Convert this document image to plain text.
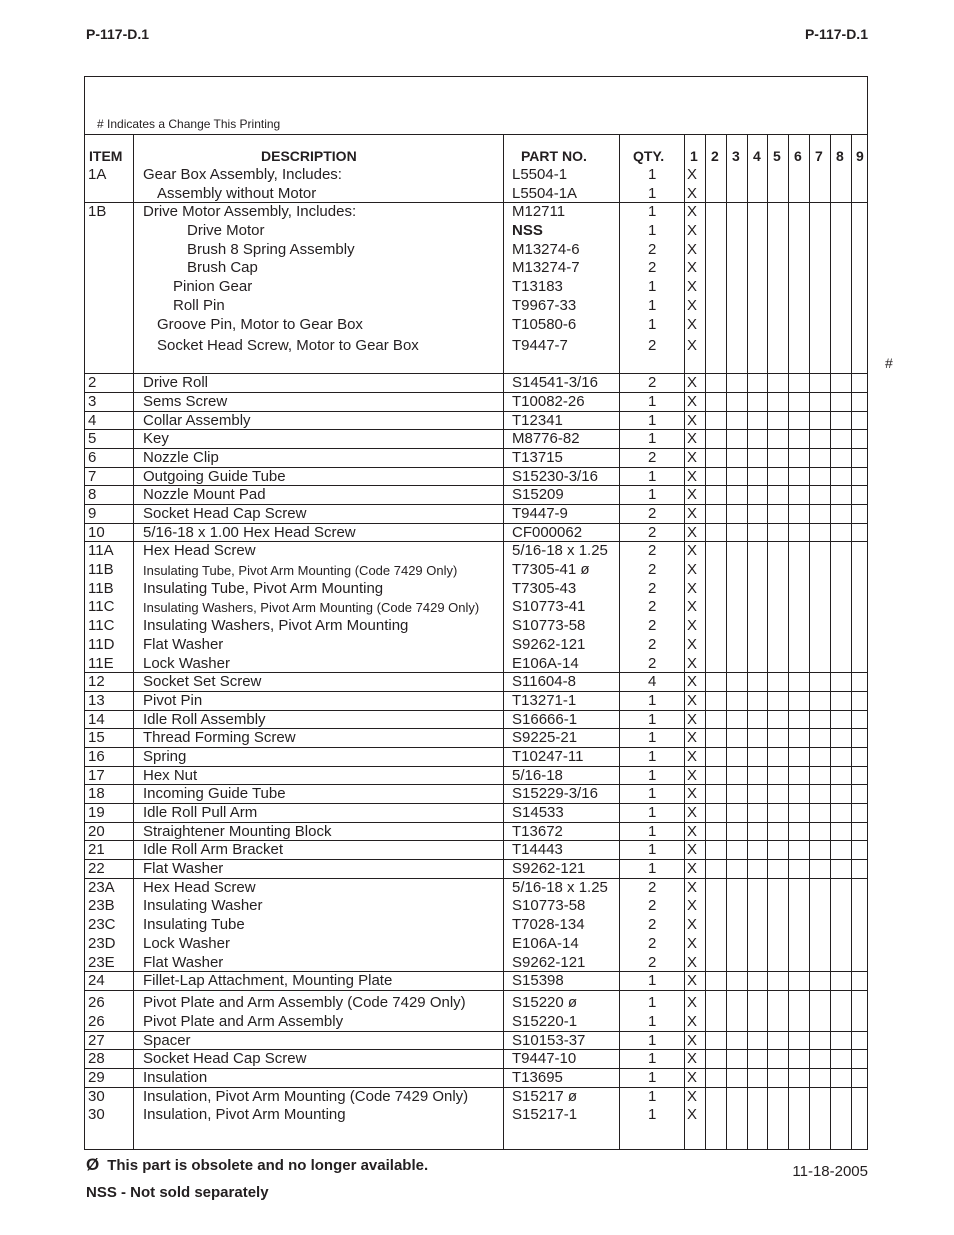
P-117-D.1	P-117-D.1
# Indicates a Change This Printing
ITEM	DESCRIPTION	PART NO.	QTY. 1 2 3 4 5 6 7 8 9
1A Gear Box Assembly, Includes:	L5504-1	1 X
Assembly without Motor	L5504-1A	1 X
1B Drive Motor Assembly, Includes:	M12711	1 X
Drive Motor	NSS	1 X
Brush 8 Spring Assembly	M13274-6	2 X
Brush Cap	M13274-7	2 X
Pinion Gear	T13183	1 X
Roll Pin	T9967-33	1 X
Groove Pin, Motor to Gear Box	T10580-6	1 X
Socket Head Screw, Motor to Gear Box	T9447-7	2 X
2	Drive Roll	S14541-3/16	2 X
3	Sems Screw	T10082-26	1 X
4	Collar Assembly	T12341	1 X
5	Key	M8776-82	1 X
6	Nozzle Clip	T13715	2 X
7	Outgoing Guide Tube	S15230-3/16	1 X
8	Nozzle Mount Pad	S15209	1 X
9	Socket Head Cap Screw	T9447-9	2 X
10	5/16-18 x 1.00 Hex Head Screw	CF000062	2 X
11A Hex Head Screw	5/16-18 x 1.25	2 X
11B Insulating Tube, Pivot Arm Mounting (Code 7429 Only)	T7305-41 ø	2 X
11B Insulating Tube, Pivot Arm Mounting	T7305-43	2 X
11C Insulating Washers, Pivot Arm Mounting (Code 7429 Only) S10773-41	2 X
11C Insulating Washers, Pivot Arm Mounting	S10773-58	2 X
11D Flat Washer	S9262-121	2 X
11E Lock Washer	E106A-14	2 X
12	Socket Set Screw	S11604-8	4 X
13	Pivot Pin	T13271-1	1 X
14	Idle Roll Assembly	S16666-1	1 X
15	Thread Forming Screw	S9225-21	1 X
16	Spring	T10247-11	1 X
17	Hex Nut	5/16-18	1 X
18	Incoming Guide Tube	S15229-3/16	1 X
19	Idle Roll Pull Arm	S14533	1 X
20	Straightener Mounting Block	T13672	1 X
21	Idle Roll Arm Bracket	T14443	1 X
22	Flat Washer	S9262-121	1 X
23A Hex Head Screw	5/16-18 x 1.25	2 X
23B Insulating Washer	S10773-58	2 X
23C Insulating Tube	T7028-134	2 X
23D Lock Washer	E106A-14	2 X
23E Flat Washer	S9262-121	2 X
24	Fillet-Lap Attachment, Mounting Plate	S15398	1 X
26	Pivot Plate and Arm Assembly (Code 7429 Only)	S15220 ø	1 X
26	Pivot Plate and Arm Assembly	S15220-1	1 X
27	Spacer	S10153-37	1 X
28	Socket Head Cap Screw	T9447-10	1 X
29	Insulation	T13695	1 X
30	Insulation, Pivot Arm Mounting (Code 7429 Only)	S15217 ø	1 X
30	Insulation, Pivot Arm Mounting	S15217-1	1 X
#
Ø This part is obsolete and no longer available.
NSS - Not sold separately
11-18-2005
